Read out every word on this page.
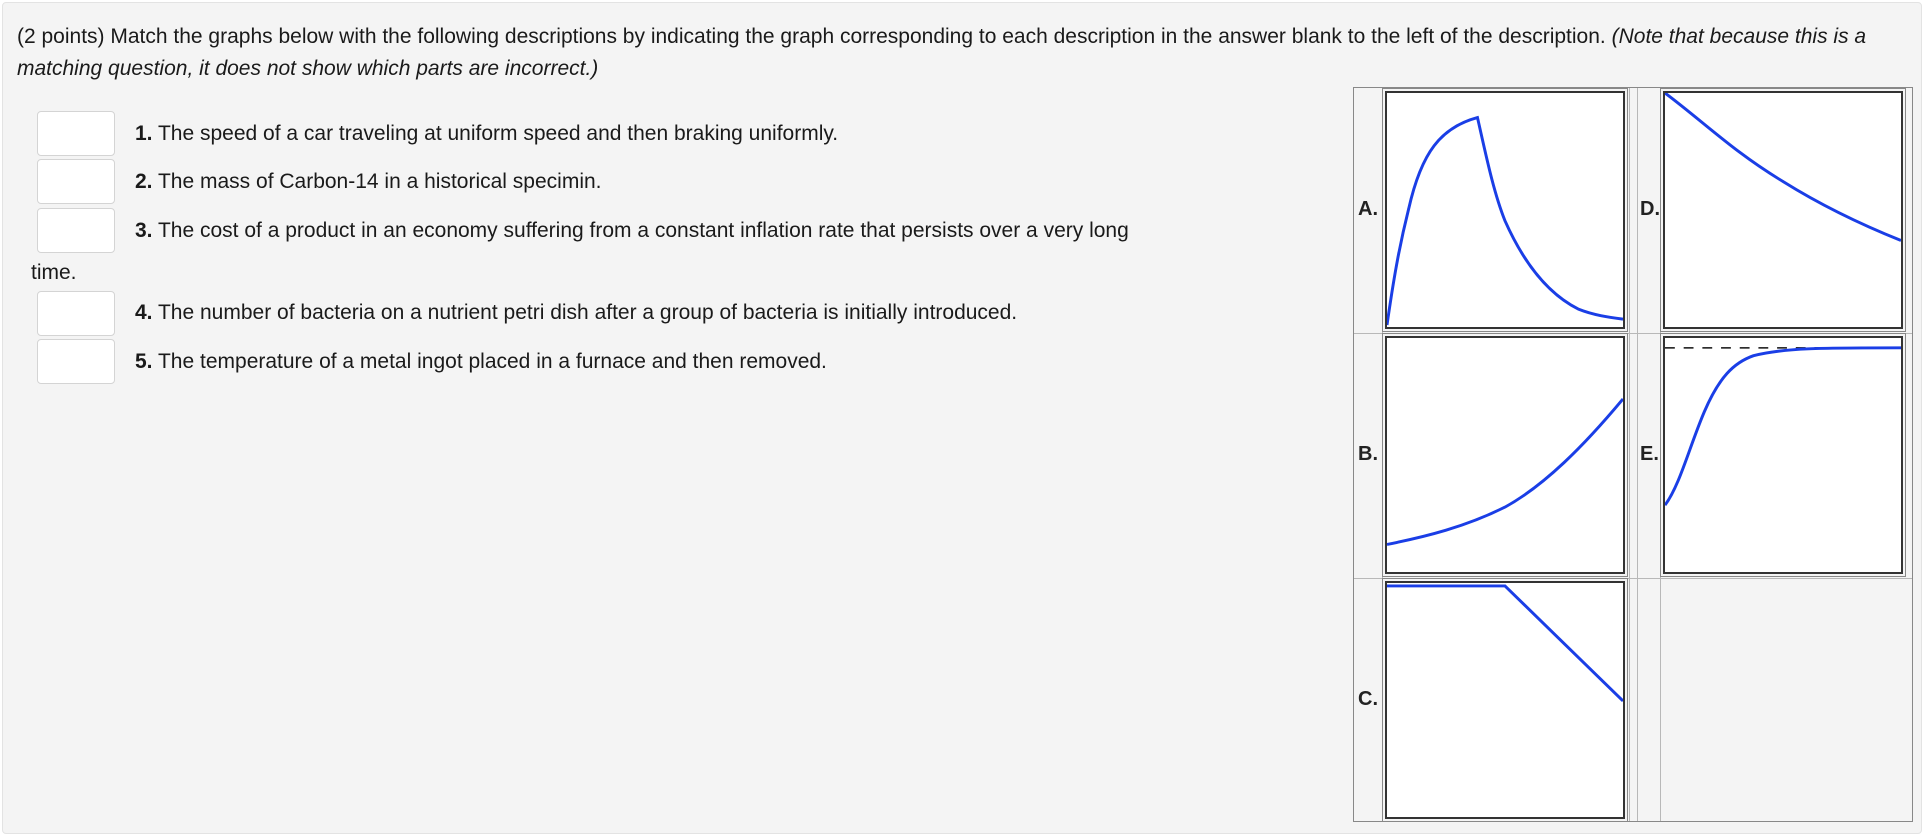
(2 points) Match the graphs below with the following descriptions by indicating the graph corresponding to each description in the answer blank to the left of the description. (Note that because this is a matching question, it does not show which parts are incorrect.)
1. The speed of a car traveling at uniform speed and then braking uniformly.
2. The mass of Carbon-14 in a historical specimin.
3. The cost of a product in an economy suffering from a constant inflation rate that persists over a very long
time.
4. The number of bacteria on a nutrient petri dish after a group of bacteria is initially introduced.
5. The temperature of a metal ingot placed in a furnace and then removed.
A.	D.
B.	E.
C.
